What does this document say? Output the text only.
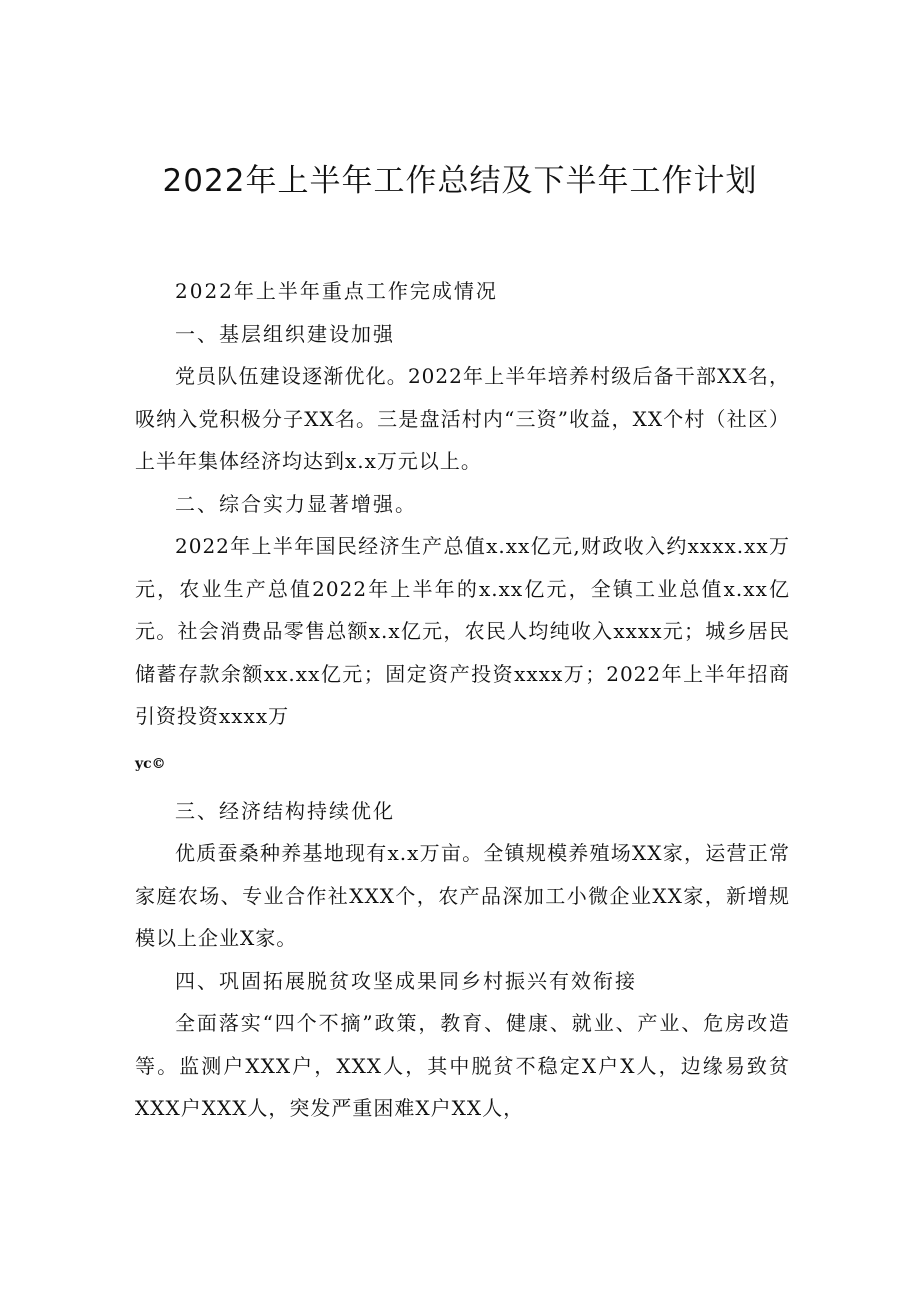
2022年上半年工作总结及下半年工作计划

2022年上半年重点工作完成情况

一、基层组织建设加强

党员队伍建设逐渐优化。2022年上半年培养村级后备干部XX名，吸纳入党积极分子XX名。三是盘活村内“三资”收益，XX个村（社区）上半年集体经济均达到x.x万元以上。

二、综合实力显著增强。

2022年上半年国民经济生产总值x.xx亿元,财政收入约xxxx.xx万元，农业生产总值2022年上半年的x.xx亿元，全镇工业总值x.xx亿元。社会消费品零售总额x.x亿元，农民人均纯收入xxxx元；城乡居民储蓄存款余额xx.xx亿元；固定资产投资xxxx万；2022年上半年招商引资投资xxxx万

yc©

三、经济结构持续优化

优质蚕桑种养基地现有x.x万亩。全镇规模养殖场XX家，运营正常家庭农场、专业合作社XXX个，农产品深加工小微企业XX家，新增规模以上企业X家。

四、巩固拓展脱贫攻坚成果同乡村振兴有效衔接

全面落实“四个不摘”政策，教育、健康、就业、产业、危房改造等。监测户XXX户，XXX人，其中脱贫不稳定X户X人，边缘易致贫XXX户XXX人，突发严重困难X户XX人，
